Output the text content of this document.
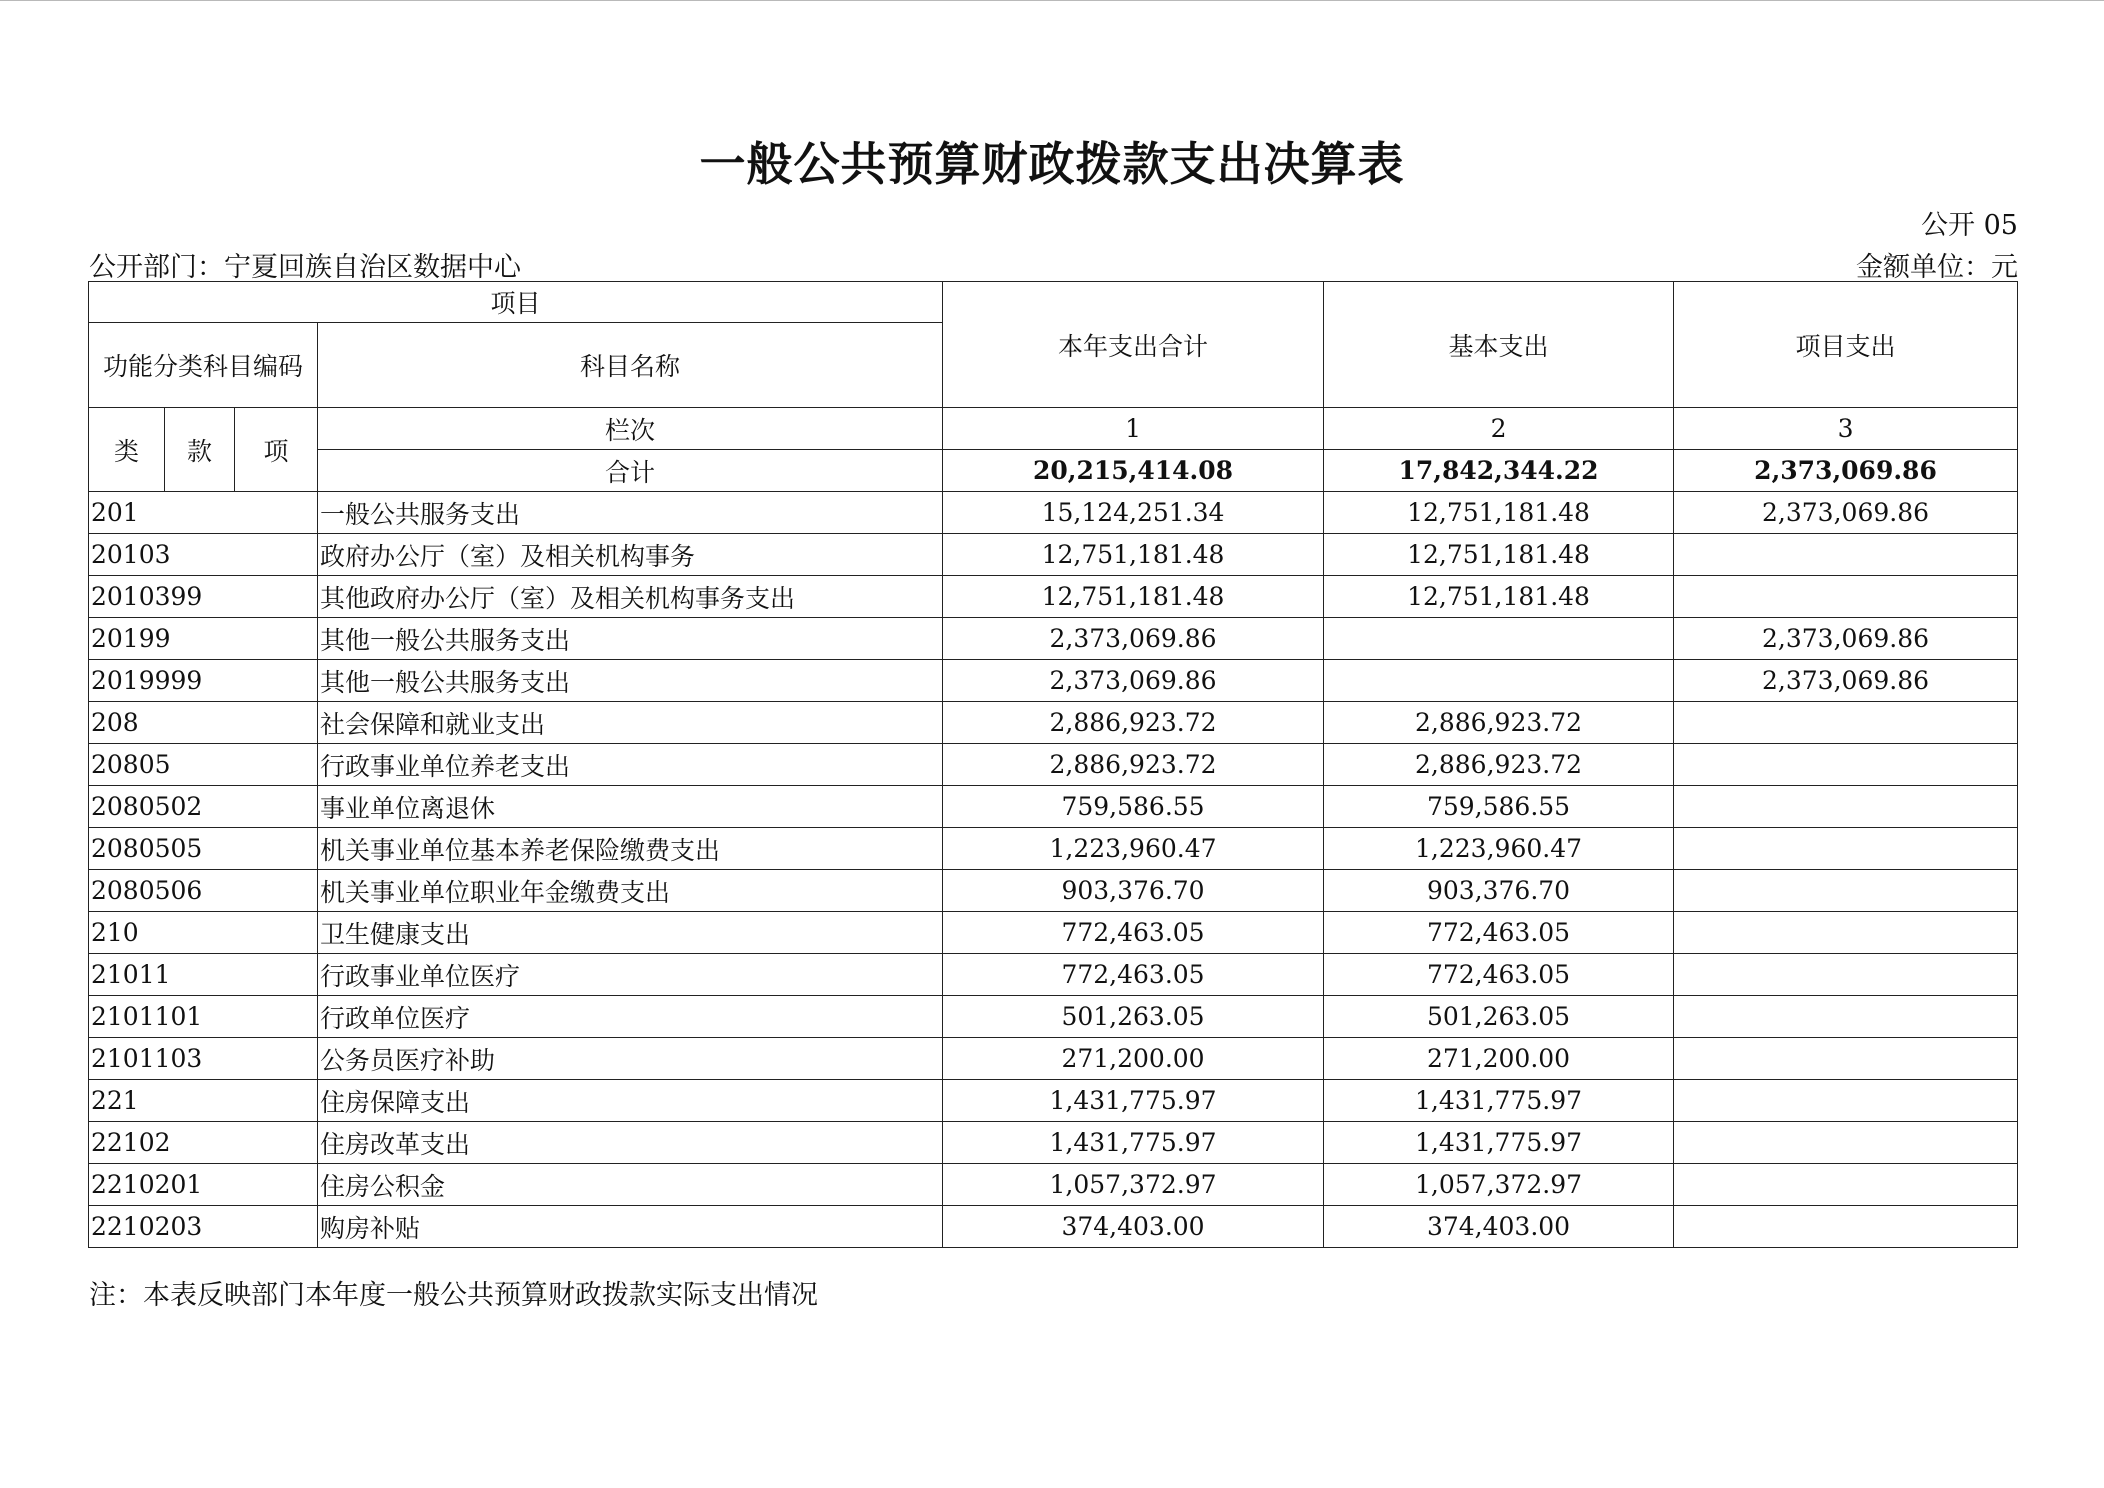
一般公共预算财政拨款支出决算表
公开 05
公开部门：宁夏回族自治区数据中心	金额单位：元
项目				本年支出合计	基本支出	项目支出
功能分类科目编码			科目名称			
类	款	项	栏次	1	2	3
			合计	20,215,414.08	17,842,344.22	2,373,069.86
201			一般公共服务支出	15,124,251.34	12,751,181.48	2,373,069.86
20103			政府办公厅（室）及相关机构事务	12,751,181.48	12,751,181.48	
2010399			其他政府办公厅（室）及相关机构事务支出	12,751,181.48	12,751,181.48	
20199			其他一般公共服务支出	2,373,069.86		2,373,069.86
2019999			其他一般公共服务支出	2,373,069.86		2,373,069.86
208			社会保障和就业支出	2,886,923.72	2,886,923.72	
20805			行政事业单位养老支出	2,886,923.72	2,886,923.72	
2080502			事业单位离退休	759,586.55	759,586.55	
2080505			机关事业单位基本养老保险缴费支出	1,223,960.47	1,223,960.47	
2080506			机关事业单位职业年金缴费支出	903,376.70	903,376.70	
210			卫生健康支出	772,463.05	772,463.05	
21011			行政事业单位医疗	772,463.05	772,463.05	
2101101			行政单位医疗	501,263.05	501,263.05	
2101103			公务员医疗补助	271,200.00	271,200.00	
221			住房保障支出	1,431,775.97	1,431,775.97	
22102			住房改革支出	1,431,775.97	1,431,775.97	
2210201			住房公积金	1,057,372.97	1,057,372.97	
2210203			购房补贴	374,403.00	374,403.00	
注：本表反映部门本年度一般公共预算财政拨款实际支出情况
